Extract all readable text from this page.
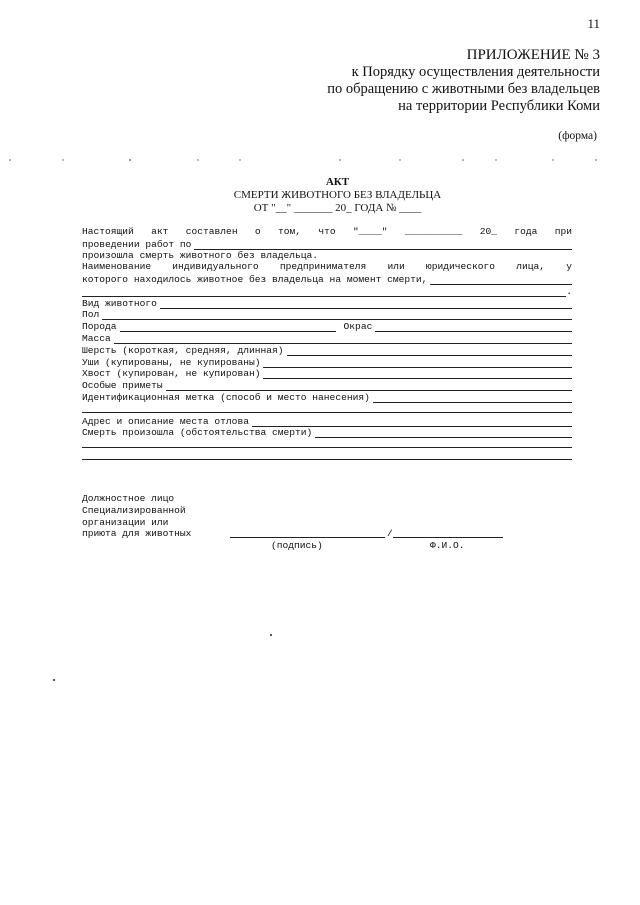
11
ПРИЛОЖЕНИЕ № 3
к Порядку осуществления деятельности
по обращению с животными без владельцев
на территории Республики Коми
(форма)
АКТ
СМЕРТИ ЖИВОТНОГО БЕЗ ВЛАДЕЛЬЦА
ОТ "__" _______ 20_ ГОДА № ____
Настоящий акт составлен о том, что "____" __________ 20_ года при
проведении работ по
произошла смерть животного без владельца.
Наименование индивидуального предпринимателя или юридического лица, у
которого находилось животное без владельца на момент смерти,
.
Вид животного
Пол
Порода	Окрас
Масса
Шерсть (короткая, средняя, длинная)
Уши (купированы, не купированы)
Хвост (купирован, не купирован)
Особые приметы
Идентификационная метка (способ и место нанесения)
Адрес и описание места отлова
Смерть произошла (обстоятельства смерти)
Должностное лицо
Специализированной
организации или
приюта для животных	/
(подпись)	Ф.И.О.
